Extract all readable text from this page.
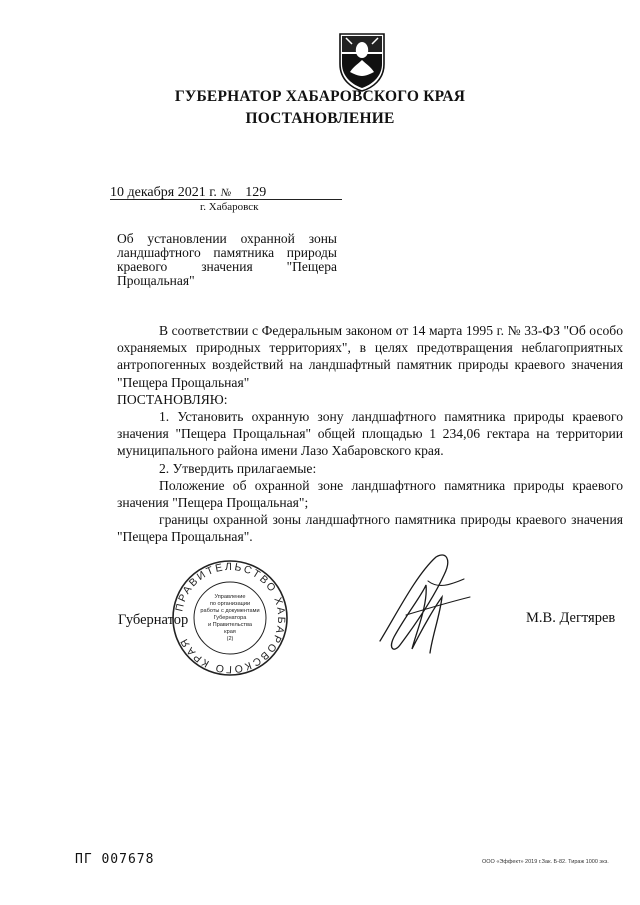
ГУБЕРНАТОР ХАБАРОВСКОГО КРАЯ
ПОСТАНОВЛЕНИЕ
10 декабря 2021 г. № 129
г. Хабаровск
Об установлении охранной зоны ландшафтного памятника природы краевого значения "Пещера Прощальная"

В соответствии с Федеральным законом от 14 марта 1995 г. № 33-ФЗ "Об особо охраняемых природных территориях", в целях предотвращения неблагоприятных антропогенных воздействий на ландшафтный памятник природы краевого значения "Пещера Прощальная"

ПОСТАНОВЛЯЮ:

1. Установить охранную зону ландшафтного памятника природы краевого значения "Пещера Прощальная" общей площадью 1 234,06 гектара на территории муниципального района имени Лазо Хабаровского края.

2. Утвердить прилагаемые:

Положение об охранной зоне ландшафтного памятника природы краевого значения "Пещера Прощальная";

границы охранной зоны ландшафтного памятника природы краевого значения "Пещера Прощальная".

Губернатор	М.В. Дегтярев
ПРАВИТЕЛЬСТВО ХАБАРОВСКОГО КРАЯ
Управление
по организации
работы с документами
Губернатора
и Правительства
края
(2)
ПГ 007678	ООО «Эффект» 2019 г.Зак. Б-82. Тираж 1000 экз.
